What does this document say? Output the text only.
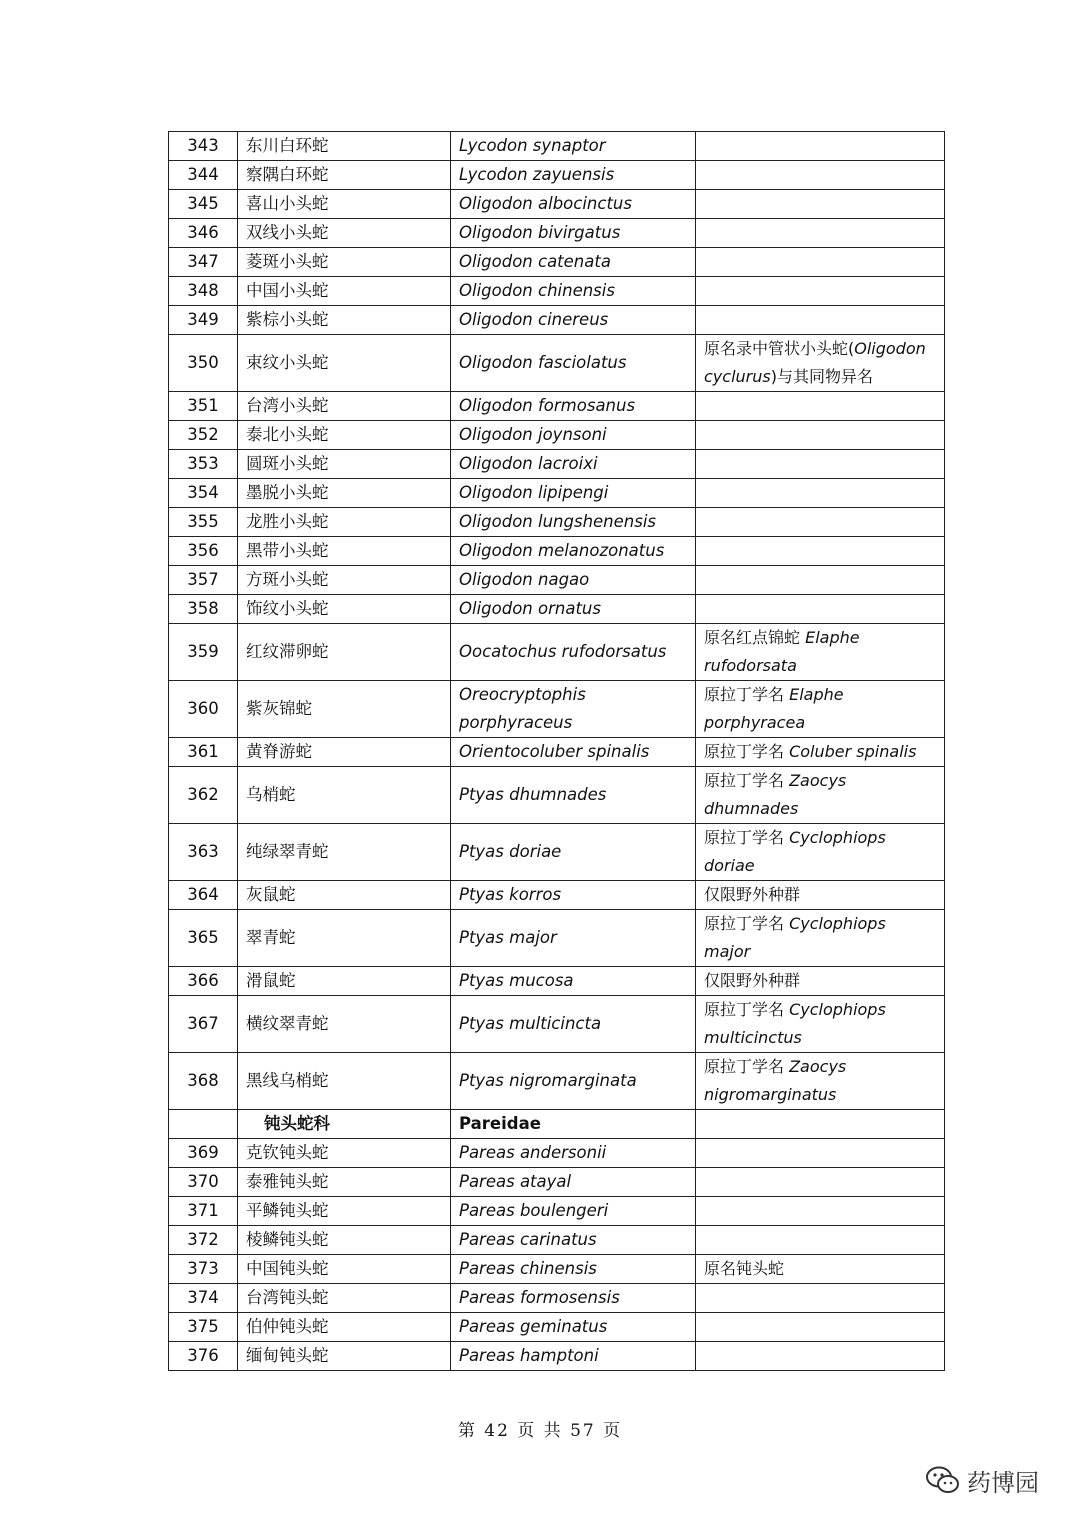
343	东川白环蛇	Lycodon synaptor	
344	察隅白环蛇	Lycodon zayuensis	
345	喜山小头蛇	Oligodon albocinctus	
346	双线小头蛇	Oligodon bivirgatus	
347	菱斑小头蛇	Oligodon catenata	
348	中国小头蛇	Oligodon chinensis	
349	紫棕小头蛇	Oligodon cinereus	
350	束纹小头蛇	Oligodon fasciolatus	原名录中管状小头蛇(Oligodon cyclurus)与其同物异名
351	台湾小头蛇	Oligodon formosanus	
352	泰北小头蛇	Oligodon joynsoni	
353	圆斑小头蛇	Oligodon lacroixi	
354	墨脱小头蛇	Oligodon lipipengi	
355	龙胜小头蛇	Oligodon lungshenensis	
356	黑带小头蛇	Oligodon melanozonatus	
357	方斑小头蛇	Oligodon nagao	
358	饰纹小头蛇	Oligodon ornatus	
359	红纹滞卵蛇	Oocatochus rufodorsatus	原名红点锦蛇 Elaphe rufodorsata
360	紫灰锦蛇	Oreocryptophis porphyraceus	原拉丁学名 Elaphe porphyracea
361	黄脊游蛇	Orientocoluber spinalis	原拉丁学名 Coluber spinalis
362	乌梢蛇	Ptyas dhumnades	原拉丁学名 Zaocys dhumnades
363	纯绿翠青蛇	Ptyas doriae	原拉丁学名 Cyclophiops doriae
364	灰鼠蛇	Ptyas korros	仅限野外种群
365	翠青蛇	Ptyas major	原拉丁学名 Cyclophiops major
366	滑鼠蛇	Ptyas mucosa	仅限野外种群
367	横纹翠青蛇	Ptyas multicincta	原拉丁学名 Cyclophiops multicinctus
368	黑线乌梢蛇	Ptyas nigromarginata	原拉丁学名 Zaocys nigromarginatus
	钝头蛇科	Pareidae	
369	克钦钝头蛇	Pareas andersonii	
370	泰雅钝头蛇	Pareas atayal	
371	平鳞钝头蛇	Pareas boulengeri	
372	棱鳞钝头蛇	Pareas carinatus	
373	中国钝头蛇	Pareas chinensis	原名钝头蛇
374	台湾钝头蛇	Pareas formosensis	
375	伯仲钝头蛇	Pareas geminatus	
376	缅甸钝头蛇	Pareas hamptoni	
第 42 页 共 57 页
药博园
